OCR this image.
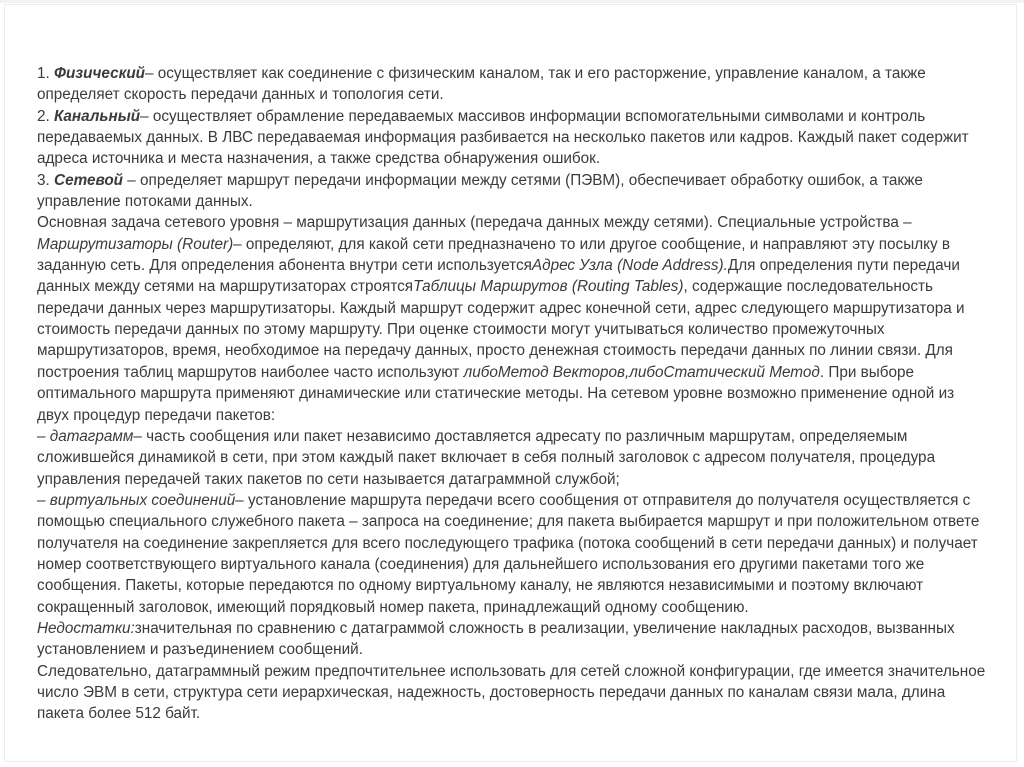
1. Физический– осуществляет как соединение с физическим каналом, так и его расторжение, управление каналом, а также определяет скорость передачи данных и топология сети.

2. Канальный– осуществляет обрамление передаваемых массивов информации вспомогательными символами и контроль передаваемых данных. В ЛВС передаваемая информация разбивается на несколько пакетов или кадров. Каждый пакет содержит адреса источника и места назначения, а также средства обнаружения ошибок.

3. Сетевой – определяет маршрут передачи информации между сетями (ПЭВМ), обеспечивает обработку ошибок, а также управление потоками данных.

Основная задача сетевого уровня – маршрутизация данных (передача данных между сетями). Специальные устройства – Маршрутизаторы (Router)– определяют, для какой сети предназначено то или другое сообщение, и направляют эту посылку в заданную сеть. Для определения абонента внутри сети используетсяАдрес Узла (Node Address).Для определения пути передачи данных между сетями на маршрутизаторах строятсяТаблицы Маршрутов (Routing Tables), содержащие последовательность передачи данных через маршрутизаторы. Каждый маршрут содержит адрес конечной сети, адрес следующего маршрутизатора и стоимость передачи данных по этому маршруту. При оценке стоимости могут учитываться количество промежуточных маршрутизаторов, время, необходимое на передачу данных, просто денежная стоимость передачи данных по линии связи. Для построения таблиц маршрутов наиболее часто используют либоМетод Векторов,либоСтатический Метод. При выборе оптимального маршрута применяют динамические или статические методы. На сетевом уровне возможно применение одной из двух процедур передачи пакетов:

– датаграмм– часть сообщения или пакет независимо доставляется адресату по различным маршрутам, определяемым сложившейся динамикой в сети, при этом каждый пакет включает в себя полный заголовок с адресом получателя, процедура управления передачей таких пакетов по сети называется датаграммной службой;

– виртуальных соединений– установление маршрута передачи всего сообщения от отправителя до получателя осуществляется с помощью специального служебного пакета – запроса на соединение; для пакета выбирается маршрут и при положительном ответе получателя на соединение закрепляется для всего последующего трафика (потока сообщений в сети передачи данных) и получает номер соответствующего виртуального канала (соединения) для дальнейшего использования его другими пакетами того же сообщения. Пакеты, которые передаются по одному виртуальному каналу, не являются независимыми и поэтому включают сокращенный заголовок, имеющий порядковый номер пакета, принадлежащий одному сообщению.

Недостатки:значительная по сравнению с датаграммой сложность в реализации, увеличение накладных расходов, вызванных установлением и разъединением сообщений.

Следовательно, датаграммный режим предпочтительнее использовать для сетей сложной конфигурации, где имеется значительное число ЭВМ в сети, структура сети иерархическая, надежность, достоверность передачи данных по каналам связи мала, длина пакета более 512 байт.
